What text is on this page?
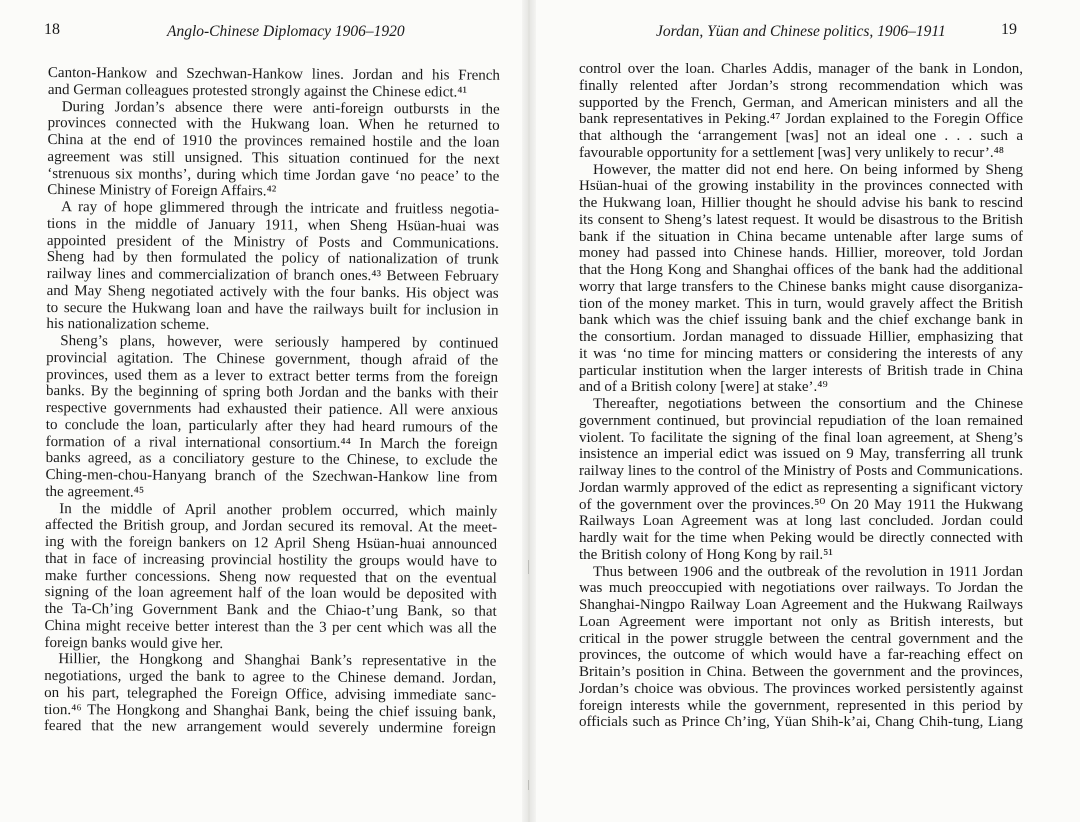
18	Anglo-Chinese Diplomacy 1906–1920
Canton-Hankow and Szechwan-Hankow lines. Jordan and his French
and German colleagues protested strongly against the Chinese edict.⁴¹
During Jordan’s absence there were anti-foreign outbursts in the
provinces connected with the Hukwang loan. When he returned to
China at the end of 1910 the provinces remained hostile and the loan
agreement was still unsigned. This situation continued for the next
‘strenuous six months’, during which time Jordan gave ‘no peace’ to the
Chinese Ministry of Foreign Affairs.⁴²
A ray of hope glimmered through the intricate and fruitless negotia-
tions in the middle of January 1911, when Sheng Hsüan-huai was
appointed president of the Ministry of Posts and Communications.
Sheng had by then formulated the policy of nationalization of trunk
railway lines and commercialization of branch ones.⁴³ Between February
and May Sheng negotiated actively with the four banks. His object was
to secure the Hukwang loan and have the railways built for inclusion in
his nationalization scheme.
Sheng’s plans, however, were seriously hampered by continued
provincial agitation. The Chinese government, though afraid of the
provinces, used them as a lever to extract better terms from the foreign
banks. By the beginning of spring both Jordan and the banks with their
respective governments had exhausted their patience. All were anxious
to conclude the loan, particularly after they had heard rumours of the
formation of a rival international consortium.⁴⁴ In March the foreign
banks agreed, as a conciliatory gesture to the Chinese, to exclude the
Ching-men-chou-Hanyang branch of the Szechwan-Hankow line from
the agreement.⁴⁵
In the middle of April another problem occurred, which mainly
affected the British group, and Jordan secured its removal. At the meet-
ing with the foreign bankers on 12 April Sheng Hsüan-huai announced
that in face of increasing provincial hostility the groups would have to
make further concessions. Sheng now requested that on the eventual
signing of the loan agreement half of the loan would be deposited with
the Ta-Ch’ing Government Bank and the Chiao-t’ung Bank, so that
China might receive better interest than the 3 per cent which was all the
foreign banks would give her.
Hillier, the Hongkong and Shanghai Bank’s representative in the
negotiations, urged the bank to agree to the Chinese demand. Jordan,
on his part, telegraphed the Foreign Office, advising immediate sanc-
tion.⁴⁶ The Hongkong and Shanghai Bank, being the chief issuing bank,
feared that the new arrangement would severely undermine foreign
Jordan, Yüan and Chinese politics, 1906–1911	19
control over the loan. Charles Addis, manager of the bank in London,
finally relented after Jordan’s strong recommendation which was
supported by the French, German, and American ministers and all the
bank representatives in Peking.⁴⁷ Jordan explained to the Foregin Office
that although the ‘arrangement [was] not an ideal one . . . such a
favourable opportunity for a settlement [was] very unlikely to recur’.⁴⁸
However, the matter did not end here. On being informed by Sheng
Hsüan-huai of the growing instability in the provinces connected with
the Hukwang loan, Hillier thought he should advise his bank to rescind
its consent to Sheng’s latest request. It would be disastrous to the British
bank if the situation in China became untenable after large sums of
money had passed into Chinese hands. Hillier, moreover, told Jordan
that the Hong Kong and Shanghai offices of the bank had the additional
worry that large transfers to the Chinese banks might cause disorganiza-
tion of the money market. This in turn, would gravely affect the British
bank which was the chief issuing bank and the chief exchange bank in
the consortium. Jordan managed to dissuade Hillier, emphasizing that
it was ‘no time for mincing matters or considering the interests of any
particular institution when the larger interests of British trade in China
and of a British colony [were] at stake’.⁴⁹
Thereafter, negotiations between the consortium and the Chinese
government continued, but provincial repudiation of the loan remained
violent. To facilitate the signing of the final loan agreement, at Sheng’s
insistence an imperial edict was issued on 9 May, transferring all trunk
railway lines to the control of the Ministry of Posts and Communications.
Jordan warmly approved of the edict as representing a significant victory
of the government over the provinces.⁵⁰ On 20 May 1911 the Hukwang
Railways Loan Agreement was at long last concluded. Jordan could
hardly wait for the time when Peking would be directly connected with
the British colony of Hong Kong by rail.⁵¹
Thus between 1906 and the outbreak of the revolution in 1911 Jordan
was much preoccupied with negotiations over railways. To Jordan the
Shanghai-Ningpo Railway Loan Agreement and the Hukwang Railways
Loan Agreement were important not only as British interests, but
critical in the power struggle between the central government and the
provinces, the outcome of which would have a far-reaching effect on
Britain’s position in China. Between the government and the provinces,
Jordan’s choice was obvious. The provinces worked persistently against
foreign interests while the government, represented in this period by
officials such as Prince Ch’ing, Yüan Shih-k’ai, Chang Chih-tung, Liang
